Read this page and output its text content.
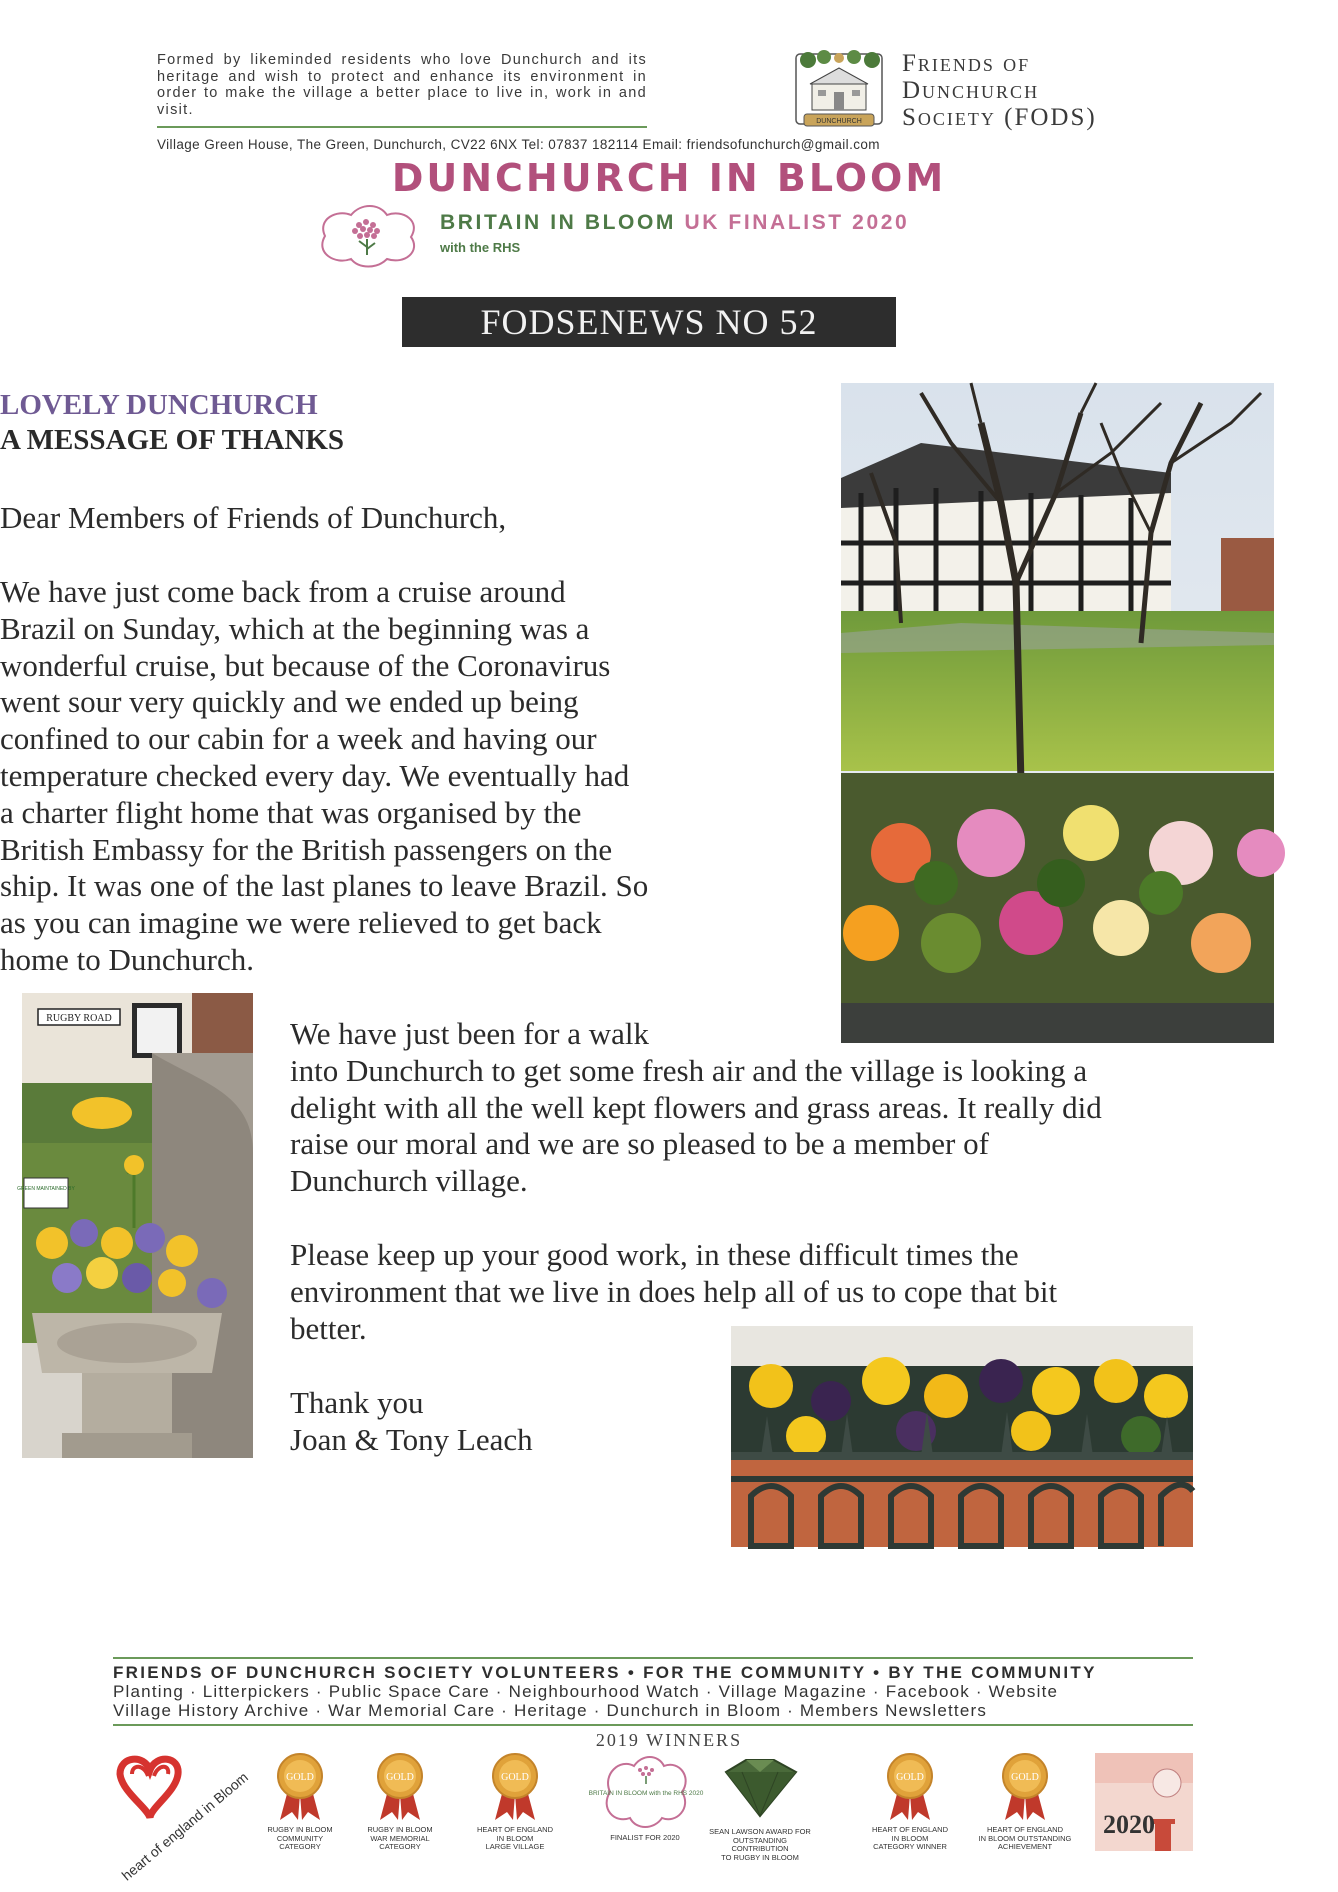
Formed by likeminded residents who love Dunchurch and its heritage and wish to protect and enhance its environment in order to make the village a better place to live in, work in and visit.
DUNCHURCH
Friends of
Dunchurch
Society (FODS)
Village Green House, The Green, Dunchurch, CV22 6NX Tel: 07837 182114 Email: friendsofunchurch@gmail.com
DUNCHURCH IN BLOOM
BRITAIN IN BLOOM UK FINALIST 2020
with the RHS
FODSENEWS NO 52
LOVELY DUNCHURCH
A MESSAGE OF THANKS
Dear Members of Friends of Dunchurch,
We have just come back from a cruise around
Brazil on Sunday, which at the beginning was a
wonderful cruise, but because of the Coronavirus
went sour very quickly and we ended up being
confined to our cabin for a week and having our
temperature checked every day. We eventually had
a charter flight home that was organised by the
British Embassy for the British passengers on the
ship. It was one of the last planes to leave Brazil. So
as you can imagine we were relieved to get back
home to Dunchurch.
We have just been for a walk
into Dunchurch to get some fresh air and the village is looking a
delight with all the well kept flowers and grass areas. It really did
raise our moral and we are so pleased to be a member of
Dunchurch village.
Please keep up your good work, in these difficult times the
environment that we live in does help all of us to cope that bit
better.
Thank you
Joan & Tony Leach
RUGBY ROAD
GREEN MAINTAINED BY
FRIENDS OF DUNCHURCH SOCIETY VOLUNTEERS • FOR THE COMMUNITY • BY THE COMMUNITY
Planting · Litterpickers · Public Space Care · Neighbourhood Watch · Village Magazine · Facebook · Website
Village History Archive · War Memorial Care · Heritage · Dunchurch in Bloom · Members Newsletters
2019 WINNERS
heart of england in Bloom	GOLD
RUGBY IN BLOOM
COMMUNITY
CATEGORY
GOLD
RUGBY IN BLOOM
WAR MEMORIAL
CATEGORY
GOLD
HEART OF ENGLAND
IN BLOOM
LARGE VILLAGE
BRITAIN IN BLOOM with the RHS 2020
FINALIST FOR 2020
SEAN LAWSON AWARD FOR
OUTSTANDING CONTRIBUTION
TO RUGBY IN BLOOM
GOLD
HEART OF ENGLAND
IN BLOOM
CATEGORY WINNER
GOLD
HEART OF ENGLAND
IN BLOOM OUTSTANDING
ACHIEVEMENT
2020
